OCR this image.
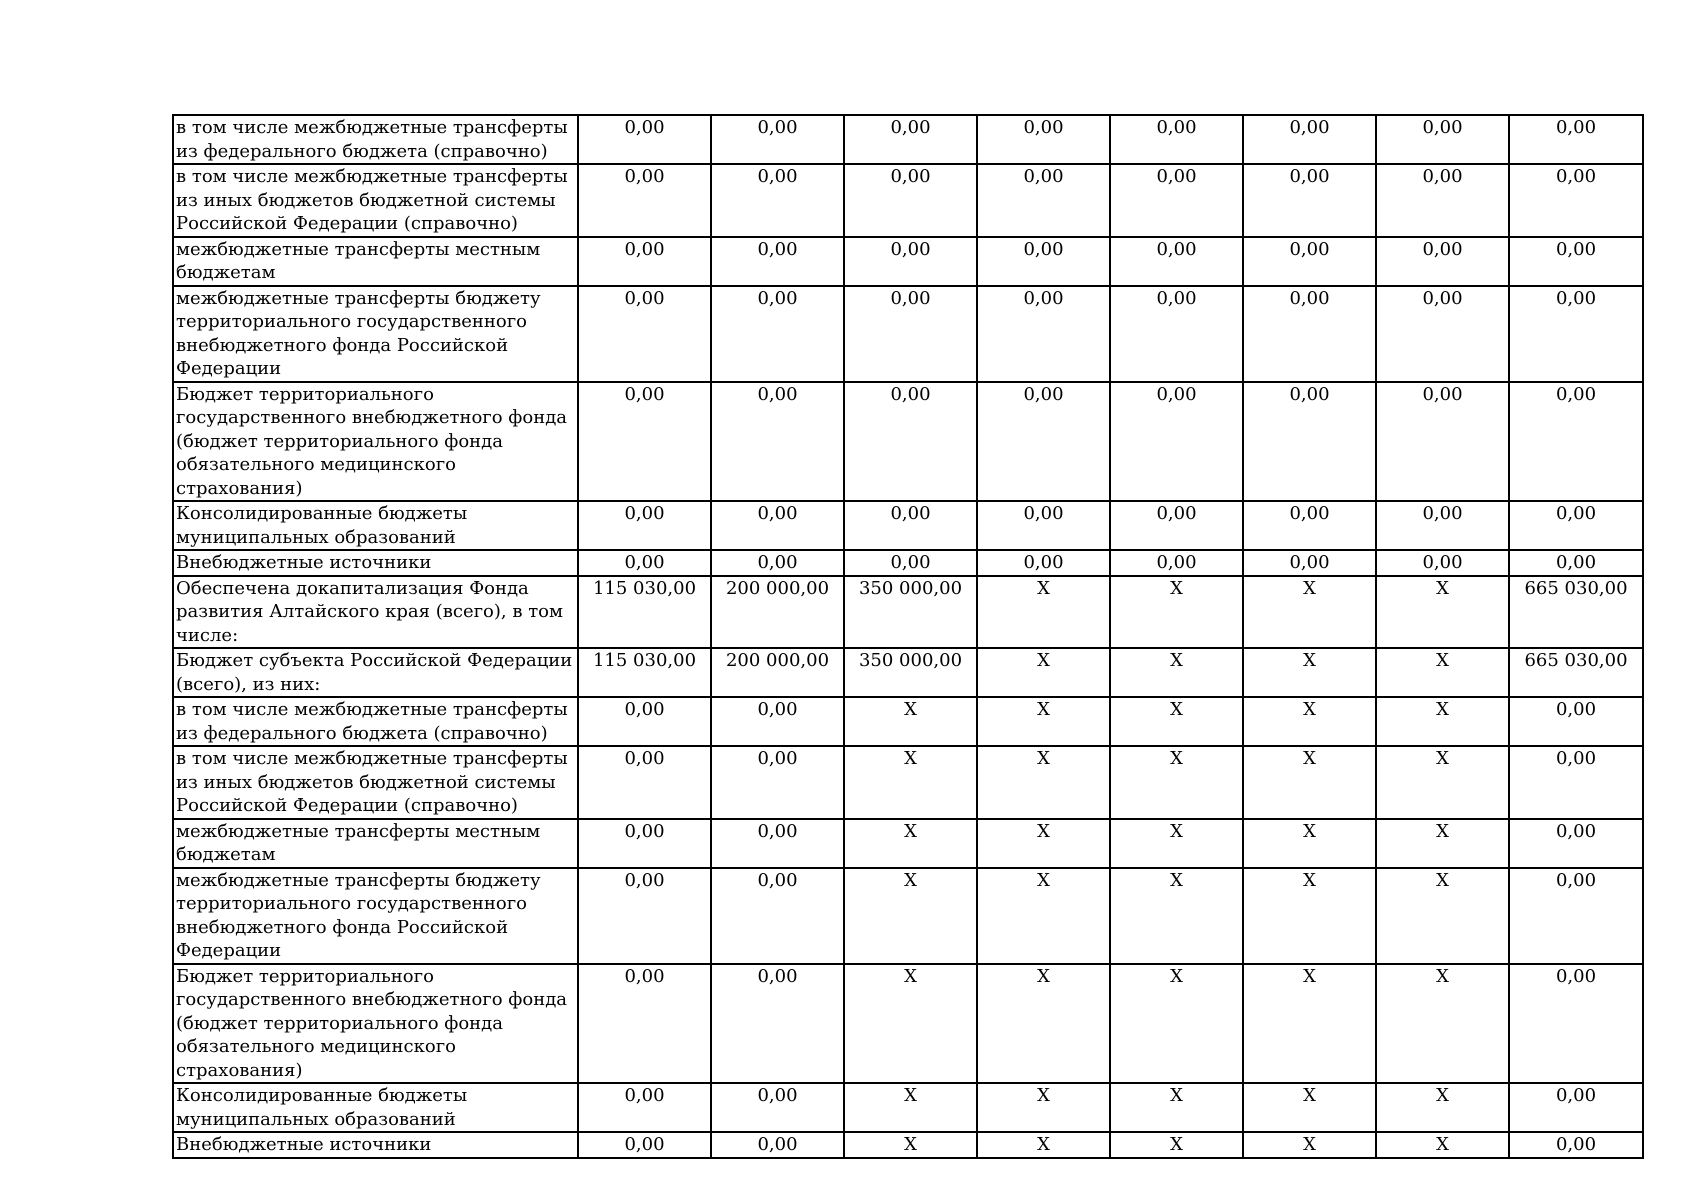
в том числе межбюджетные трансферты из федерального бюджета (справочно)	0,00	0,00	0,00	0,00	0,00	0,00	0,00	0,00
в том числе межбюджетные трансферты из иных бюджетов бюджетной системы Российской Федерации (справочно)	0,00	0,00	0,00	0,00	0,00	0,00	0,00	0,00
межбюджетные трансферты местным бюджетам	0,00	0,00	0,00	0,00	0,00	0,00	0,00	0,00
межбюджетные трансферты бюджету территориального государственного внебюджетного фонда Российской Федерации	0,00	0,00	0,00	0,00	0,00	0,00	0,00	0,00
Бюджет территориального государственного внебюджетного фонда (бюджет территориального фонда обязательного медицинского страхования)	0,00	0,00	0,00	0,00	0,00	0,00	0,00	0,00
Консолидированные бюджеты муниципальных образований	0,00	0,00	0,00	0,00	0,00	0,00	0,00	0,00
Внебюджетные источники	0,00	0,00	0,00	0,00	0,00	0,00	0,00	0,00
Обеспечена докапитализация Фонда развития Алтайского края (всего), в том числе:	115 030,00	200 000,00	350 000,00	X	X	X	X	665 030,00
Бюджет субъекта Российской Федерации (всего), из них:	115 030,00	200 000,00	350 000,00	X	X	X	X	665 030,00
в том числе межбюджетные трансферты из федерального бюджета (справочно)	0,00	0,00	X	X	X	X	X	0,00
в том числе межбюджетные трансферты из иных бюджетов бюджетной системы Российской Федерации (справочно)	0,00	0,00	X	X	X	X	X	0,00
межбюджетные трансферты местным бюджетам	0,00	0,00	X	X	X	X	X	0,00
межбюджетные трансферты бюджету территориального государственного внебюджетного фонда Российской Федерации	0,00	0,00	X	X	X	X	X	0,00
Бюджет территориального государственного внебюджетного фонда (бюджет территориального фонда обязательного медицинского страхования)	0,00	0,00	X	X	X	X	X	0,00
Консолидированные бюджеты муниципальных образований	0,00	0,00	X	X	X	X	X	0,00
Внебюджетные источники	0,00	0,00	X	X	X	X	X	0,00
